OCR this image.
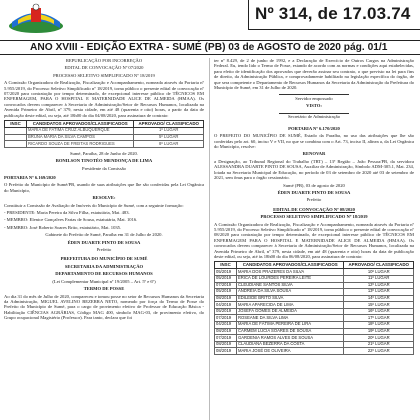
Nº 314, de 17.03.74
ANO XVIII - EDIÇÃO EXTRA - SUMÉ (PB) 03 de AGOSTO de 2020 pág. 01/1
REPUBLICAÇÃO POR INCORREÇÃO
EDITAL DE CONVOCAÇÃO Nº 07/2020
PROCESSO SELETIVO SIMPLIFICADO Nº 18/2019
A Comissão Organizadora de Realização, Fiscalização e Acompanhamento, nomeada através da Portaria nº 5.955/2019, do Processo Seletivo Simplificado nº 18/2019, torna público o presente edital de convocação nº 07/2020 para contratação por tempo determinado, de excepcional interesse público de TÉCNICOS EM ENFERMAGEM, PARA O HOSPITAL E MATERNIDADE ALICE DE ALMEIDA (HMAA). Os convocados devem comparecer à Secretaria de Administração/Setor de Recursos Humanos, localizada na Avenida Primeiro de Abril, nº 379, nesta cidade, em até 48 (quarenta e oito) horas, a partir da data de publicação deste edital, ou seja, até 18h00 do dia 04/08/2020, para assinatura de contrato:
INSC	CANDIDATOS APROVADOS/CLASSIFICADOS	APROVADO/ CLASSIFICADO
	MARIA DE FATIMA CRUZ ALBUQUERQUE	1º LUGAR
	BRUNA MARIA DA SILVA CAMPOS	5º LUGAR
	RICARDO SOUZA DE FREITAS RODRIGUES	8º LUGAR
Sumé, Paraíba, 28 de Junho de 2020.
BONILSON TINOTÉO MENDONÇA DE LIMA
Presidente da Comissão
PORTARIA Nº 6.169/2020
O Prefeito do Município de Sumé/PB, usando de suas atribuições que lhe são conferidas pela Lei Orgânica do Município,
RESOLVE:
Constituir a Comissão de Avaliação de Imóveis do Município de Sumé, com a seguinte formação:
- PRESIDENTE: Maria Pereira da Silva Filha, estatutária, Mat. 483.
- MEMBRO: Elenice Gonçalves Farias de Sousa, estatutária, Mat. 1016.
- MEMBRO: José Roberto Soares Brito, estatutário, Mat. 1035.
Gabinete do Prefeito de Sumé, Paraíba em 31 de Julho de 2020.
ÉDEN DUARTE PINTO DE SOUSA
Prefeito
PREFEITURA DO MUNICÍPIO DE SUMÉ
SECRETARIA DA ADMINISTRAÇÃO
DEPARTAMENTO DE RECURSOS HUMANOS
(Lei Complementar Municipal nº 19/2005 – Art. 5º e 6º)
TERMO DE POSSE
Ao dia 31 do mês de Julho de 2020, compareceu e tomou posse no setor de Recursos Humanos da Secretaria da Administração, MIGUEL AVELINO BEZERRA NETO, nomeado por força do Termo de Posse do Prefeito do Município de Sumé, para o cargo de provimento efetivo de Professor de Educação Básica - Habilitação CIÊNCIAS AGRÁRIAS, Código MAG 400, símbolo MAG-03, de provimento efetivo, do Grupo ocupacional Magistério (Professor). Para tanto, declara que foi
ter nº 8.429, de 2 de junho de 1992, e a Declaração de Exercício de Outros Cargos na Administração Federal. Eu, tendo lido o Termo de Posse, estando de acordo com as normas e condições aqui estabelecidas, para efeito de identificação dos aprovados que deverão assinar seu contrato, o que previsto na lei para fins de direito, da Administração Pública, e comprovadamente habilitado na legislação específica do órgão, de que sera competente o Departamento de Recursos Humanos da Secretaria da Administração da Prefeitura do Município de Sumé, em 31 de Julho de 2020.
Servidor empossado
VISTO:
Secretário de Administração
PORTARIA Nº 6.170/2020
O PREFEITO DO MUNICÍPIO DE SUMÉ, Estado da Paraíba, no uso das atribuições que lhe são conferidas pelo art. 60, inciso V e VII, no que se combina com o Art. 73, inciso II, alínea a, da Lei Orgânica do Município, resolve:
RENOVAR
a Designação, ao Tribunal Regional do Trabalho (TRT) – 13ª Região – João Pessoa/PB, da servidora ALESSANDRA DUARTE PINTO DE SOUSA, Auxiliar de Administração, Símbolo ADM-305.1, Mat. 234, lotada na Secretaria Municipal de Educação, no período de 03 de setembro de 2020 até 03 de setembro de 2021, sem ônus para o órgão cessionário.
Sumé (PB), 03 de agosto de 2020
ÉDEN DUARTE PINTO DE SOUSA
Prefeito
EDITAL DE CONVOCAÇÃO Nº 08/2020
PROCESSO SELETIVO SIMPLIFICADO Nº 18/2019
A Comissão Organizadora de Realização, Fiscalização e Acompanhamento, nomeada através da Portaria nº 5.955/2019, do Processo Seletivo Simplificado nº 18/2019, torna público o presente edital de convocação nº 08/2020 para contratação por tempo determinado, de excepcional interesse público de TÉCNICOS EM ENFERMAGEM PARA O HOSPITAL E MATERNIDADE ALICE DE ALMEIDA (HMAA). Os convocados devem comparecer à Secretaria de Administração/Setor de Recursos Humanos, localizada na Avenida Primeiro de Abril, nº 379, nesta cidade, em até 48 (quarenta e oito) horas da data de publicação deste edital, ou seja, até às 18h00 do dia 06/08/2020, para assinatura de contrato:
INSC	CANDIDATOS APROVADOS/CLASSIFICADOS	APROVADO/ CLASSIFICADO
05/2019	MARIA DOS PRAZERES DA SILVA	10º LUGAR
05/2019	ERICA DE LOURDES PEREIRA LEITE	11º LUGAR
07/2019	CLEUDIANE SANTOS SILVA	12º LUGAR
05/2019	ANDRÉIA DA SILVA SOUSA	13º LUGAR
08/2019	EDILEIDE BRITO SILVA	14º LUGAR
04/2019	MARIA APARECIDA DE LIMA	15º LUGAR
05/2019	JOSEFA GOMES DE ALMEIDA	16º LUGAR
07/2019	ROSEANE DA SILVA LIMA	17º LUGAR
04/2019	MARIA DE FÁTIMA PEREIRA DE LIRA	18º LUGAR
08/2019	CARMEM LÚCIA SOARES DE SOUSA	19º LUGAR
07/2019	GARDENIA RAMOS ALVES DE SOUSA	20º LUGAR
08/2019	CLAUDIANA BEZERRA DA COSTA	21º LUGAR
08/2019	MARIA JOSÉ DE OLIVEIRA	22º LUGAR
